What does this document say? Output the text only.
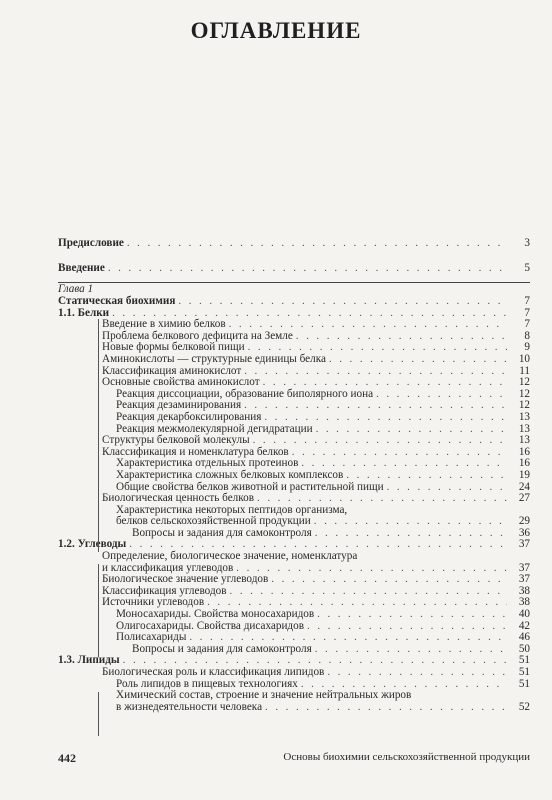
ОГЛАВЛЕНИЕ
Предисловие . . .	3
Введение . . .	5
Глава 1
Статическая биохимия . . .	7
1.1. Белки . . .	7
Введение в химию белков . . .	7
Проблема белкового дефицита на Земле . . .	8
Новые формы белковой пищи . . .	9
Аминокислоты — структурные единицы белка . . .	10
Классификация аминокислот . . .	11
Основные свойства аминокислот . . .	12
Реакция диссоциации, образование биполярного иона . . .	12
Реакция дезаминирования . . .	12
Реакция декарбоксилирования . . .	13
Реакция межмолекулярной дегидратации . . .	13
Структуры белковой молекулы . . .	13
Классификация и номенклатура белков . . .	16
Характеристика отдельных протеинов . . .	16
Характеристика сложных белковых комплексов . . .	19
Общие свойства белков животной и растительной пищи . . .	24
Биологическая ценность белков . . .	27
Характеристика некоторых пептидов организма,
белков сельскохозяйственной продукции . . .	29
Вопросы и задания для самоконтроля . . .	36
1.2. Углеводы . . .	37
Определение, биологическое значение, номенклатура
и классификация углеводов . . .	37
Биологическое значение углеводов . . .	37
Классификация углеводов . . .	38
Источники углеводов . . .	38
Моносахариды. Свойства моносахаридов . . .	40
Олигосахариды. Свойства дисахаридов . . .	42
Полисахариды . . .	46
Вопросы и задания для самоконтроля . . .	50
1.3. Липиды . . .	51
Биологическая роль и классификация липидов . . .	51
Роль липидов в пищевых технологиях . . .	51
Химический состав, строение и значение нейтральных жиров
в жизнедеятельности человека . . .	52
442	Основы биохимии сельскохозяйственной продукции
